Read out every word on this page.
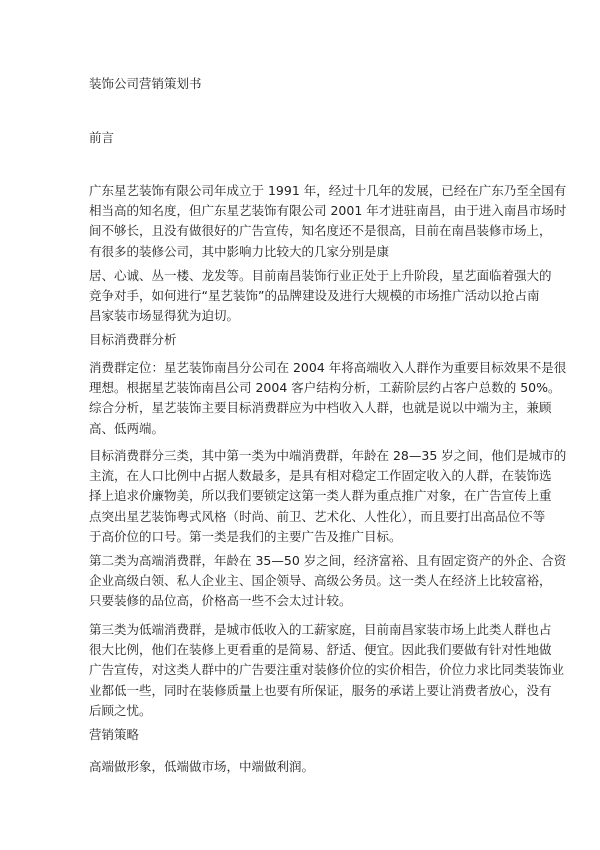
装饰公司营销策划书
前言
广东星艺装饰有限公司年成立于 1991 年，经过十几年的发展，已经在广东乃至全国有
相当高的知名度，但广东星艺装饰有限公司 2001 年才进驻南昌，由于进入南昌市场时
间不够长，且没有做很好的广告宣传，知名度还不是很高，目前在南昌装修市场上，
有很多的装修公司，其中影响力比较大的几家分别是康
居、心诚、丛一楼、龙发等。目前南昌装饰行业正处于上升阶段，星艺面临着强大的
竞争对手，如何进行“星艺装饰”的品牌建设及进行大规模的市场推广活动以抢占南
昌家装市场显得犹为迫切。
目标消费群分析
消费群定位：星艺装饰南昌分公司在 2004 年将高端收入人群作为重要目标效果不是很
理想。根据星艺装饰南昌公司 2004 客户结构分析，工薪阶层约占客户总数的 50%。
综合分析，星艺装饰主要目标消费群应为中档收入人群，也就是说以中端为主，兼顾
高、低两端。
目标消费群分三类，其中第一类为中端消费群，年龄在 28—35 岁之间，他们是城市的
主流，在人口比例中占据人数最多，是具有相对稳定工作固定收入的人群，在装饰选
择上追求价廉物美，所以我们要锁定这第一类人群为重点推广对象，在广告宣传上重
点突出星艺装饰粤式风格（时尚、前卫、艺术化、人性化），而且要打出高品位不等
于高价位的口号。第一类是我们的主要广告及推广目标。
第二类为高端消费群，年龄在 35—50 岁之间，经济富裕、且有固定资产的外企、合资
企业高级白领、私人企业主、国企领导、高级公务员。这一类人在经济上比较富裕，
只要装修的品位高，价格高一些不会太过计较。
第三类为低端消费群，是城市低收入的工薪家庭，目前南昌家装市场上此类人群也占
很大比例，他们在装修上更看重的是简易、舒适、便宜。因此我们要做有针对性地做
广告宣传，对这类人群中的广告要注重对装修价位的实价相告，价位力求比同类装饰业
业都低一些，同时在装修质量上也要有所保证，服务的承诺上要让消费者放心，没有
后顾之忧。
营销策略
高端做形象，低端做市场，中端做利润。
